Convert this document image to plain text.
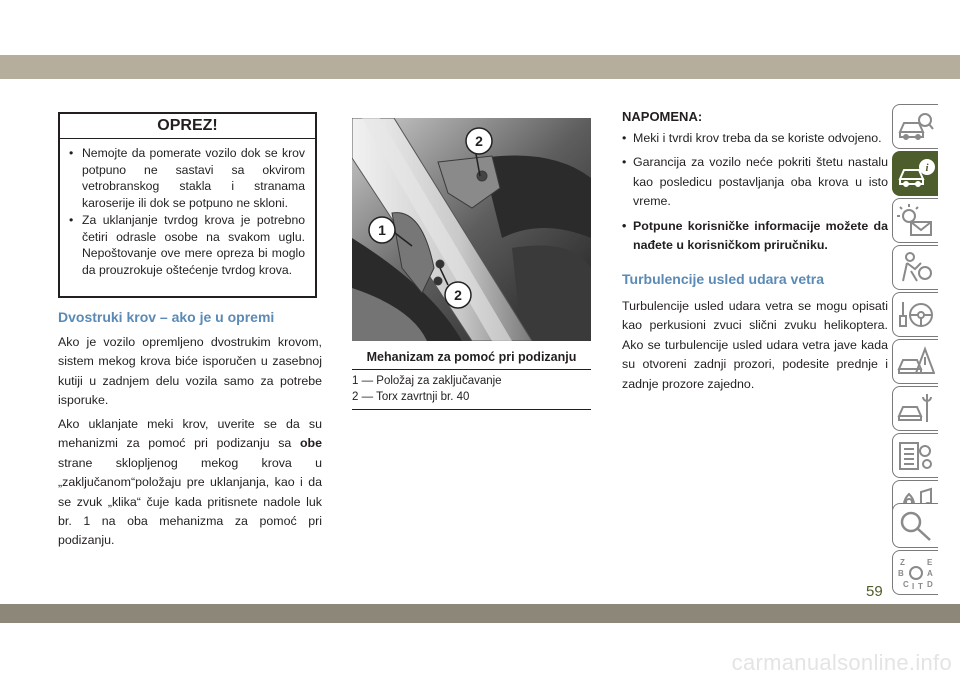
OPREZ!
• Nemojte da pomerate vozilo dok se krov potpuno ne sastavi sa okvirom vetrobranskog stakla i stranama karoserije ili dok se potpuno ne skloni.
• Za uklanjanje tvrdog krova je potrebno četiri odrasle osobe na svakom uglu. Nepoštovanje ove mere opreza bi moglo da prouzrokuje oštećenje tvrdog krova.
Dvostruki krov – ako je u opremi

Ako je vozilo opremljeno dvostrukim krovom, sistem mekog krova biće isporučen u zasebnoj kutiji u zadnjem delu vozila samo za potrebe isporuke.

Ako uklanjate meki krov, uverite se da su mehanizmi za pomoć pri podizanju sa obe strane sklopljenog mekog krova u „zaključanom“položaju pre uklanjanja, kao i da se zvuk „klika“ čuje kada pritisnete nadole luk br. 1 na oba mehanizma za pomoć pri podizanju.

2
1
2
Mehanizam za pomoć pri podizanju
1 — Položaj za zaključavanje
2 — Torx zavrtnji br. 40
NAPOMENA:
• Meki i tvrdi krov treba da se koriste odvojeno.
• Garancija za vozilo neće pokriti štetu nastalu kao posledicu postavljanja oba krova u isto vreme.
• Potpune korisničke informacije možete da nađete u korisničkom priručniku.
Turbulencije usled udara vetra

Turbulencije usled udara vetra se mogu opisati kao perkusioni zvuci slični zvuku helikoptera. Ako se turbulencije usled udara vetra jave kada su otvoreni zadnji prozori, podesite prednje i zadnje prozore zajedno.

i
Z	E
B	A
C D
I T
59
carmanualsonline.info
